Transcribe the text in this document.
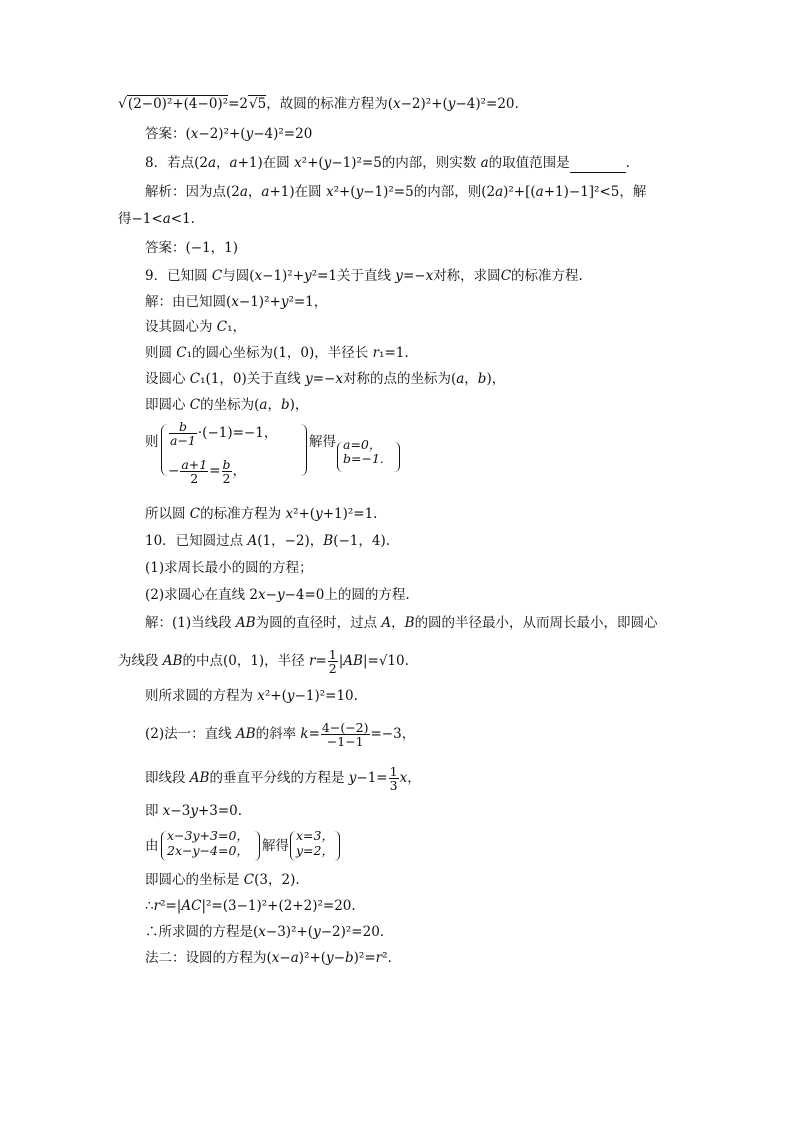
√(2−0)²+(4−0)²=2√5，故圆的标准方程为(x−2)²+(y−4)²=20.
答案：(x−2)²+(y−4)²=20
8．若点(2a，a+1)在圆 x²+(y−1)²=5的内部，则实数 a的取值范围是	.
解析：因为点(2a，a+1)在圆 x²+(y−1)²=5的内部，则(2a)²+[(a+1)−1]²<5，解
得−1<a<1.
答案：(−1，1)
9．已知圆 C与圆(x−1)²+y²=1关于直线 y=−x对称，求圆C的标准方程.
解：由已知圆(x−1)²+y²=1，
设其圆心为 C₁，
则圆 C₁的圆心坐标为(1，0)，半径长 r₁=1.
设圆心 C₁(1，0)关于直线 y=−x对称的点的坐标为(a，b)，
即圆心 C的坐标为(a，b)，
则 $\frac{b}{a-1} \cdot(-1)=-1$，
− $\frac{a+1}{2} = \frac{b}{2}$ ，
解得 a=0，
b=−1.
所以圆 C的标准方程为 x²+(y+1)²=1.
10．已知圆过点 A(1，−2)，B(−1，4).
(1)求周长最小的圆的方程；
(2)求圆心在直线 2x−y−4=0上的圆的方程.
解：(1)当线段 AB为圆的直径时，过点 A，B的圆的半径最小，从而周长最小，即圆心
为线段 AB的中点(0，1)，半径 $r= \frac{1}{2} |AB|=√10$.
则所求圆的方程为 x²+(y−1)²=10.
(2)法一：直线 AB的斜率 $k= \frac{4-(-2)}{-1-1} =-3$，
即线段 AB的垂直平分线的方程是 $y-1= \frac{1}{3}$ x，
即 x−3y+3=0.
由
x−3y+3=0，
2x−y−4=0， 解得
x=3，
y=2，
即圆心的坐标是 C(3，2).
∴r²=|AC|²=(3−1)²+(2+2)²=20.
∴所求圆的方程是(x−3)²+(y−2)²=20.
法二：设圆的方程为(x−a)²+(y−b)²=r².
